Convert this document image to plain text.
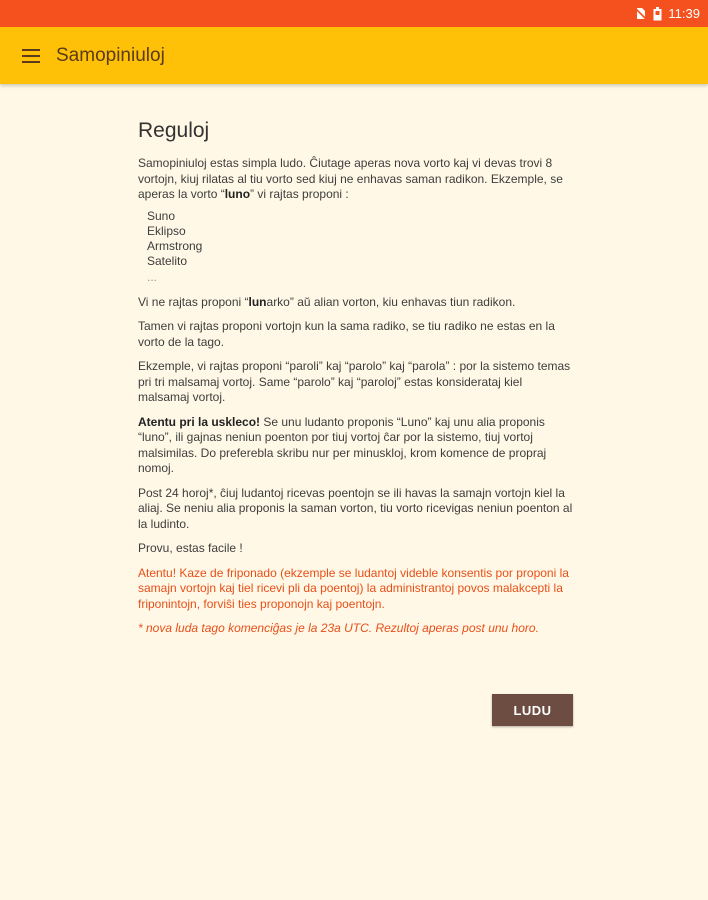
11:39
Samopiniuloj
Reguloj

Samopiniuloj estas simpla ludo. Ĉiutage aperas nova vorto kaj vi devas trovi 8 vortojn, kiuj rilatas al tiu vorto sed kiuj ne enhavas saman radikon. Ekzemple, se aperas la vorto “luno” vi rajtas proponi :

Suno
Eklipso
Armstrong
Satelito
...

Vi ne rajtas proponi “lunarko” aŭ alian vorton, kiu enhavas tiun radikon.

Tamen vi rajtas proponi vortojn kun la sama radiko, se tiu radiko ne estas en la vorto de la tago.

Ekzemple, vi rajtas proponi “paroli” kaj “parolo” kaj “parola” : por la sistemo temas pri tri malsamaj vortoj. Same “parolo” kaj “paroloj” estas konsiderataj kiel malsamaj vortoj.

Atentu pri la uskleco! Se unu ludanto proponis “Luno” kaj unu alia proponis “luno”, ili gajnas neniun poenton por tiuj vortoj ĉar por la sistemo, tiuj vortoj malsimilas. Do preferebla skribu nur per minuskloj, krom komence de propraj nomoj.

Post 24 horoj*, ĉiuj ludantoj ricevas poentojn se ili havas la samajn vortojn kiel la aliaj. Se neniu alia proponis la saman vorton, tiu vorto ricevigas neniun poenton al la ludinto.

Provu, estas facile !

Atentu! Kaze de friponado (ekzemple se ludantoj videble konsentis por proponi la samajn vortojn kaj tiel ricevi pli da poentoj) la administrantoj povos malakcepti la friponintojn, forviŝi ties proponojn kaj poentojn.

* nova luda tago komenciĝas je la 23a UTC. Rezultoj aperas post unu horo.

LUDU
